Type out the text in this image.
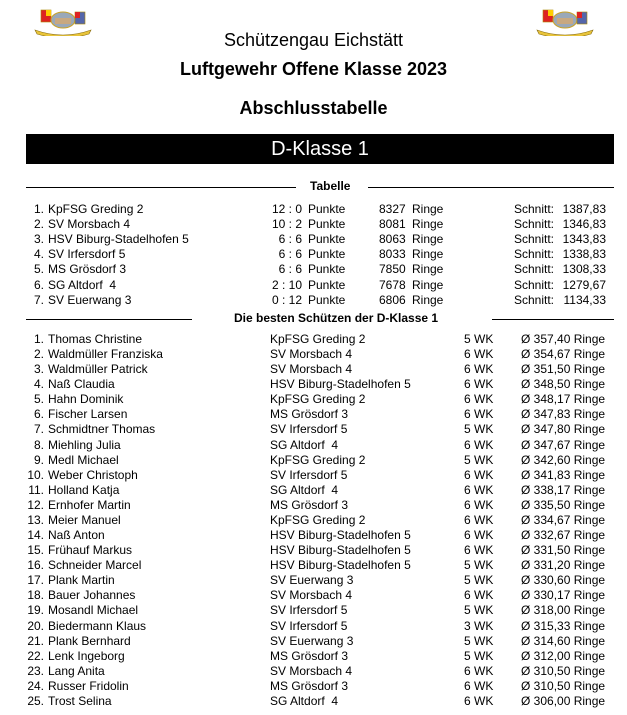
Schützengau Eichstätt
Luftgewehr Offene Klasse 2023
Abschlusstabelle
D-Klasse 1
Tabelle
1. KpFSG Greding 2	12 : 0 Punkte	8327 Ringe	Schnitt: 1387,83
2. SV Morsbach 4	10 : 2 Punkte	8081 Ringe	Schnitt: 1346,83
3. HSV Biburg-Stadelhofen 5	6 : 6 Punkte	8063 Ringe	Schnitt: 1343,83
4. SV Irfersdorf 5	6 : 6 Punkte	8033 Ringe	Schnitt: 1338,83
5. MS Grösdorf 3	6 : 6 Punkte	7850 Ringe	Schnitt: 1308,33
6. SG Altdorf  4	2 : 10 Punkte	7678 Ringe	Schnitt: 1279,67
7. SV Euerwang 3	0 : 12 Punkte	6806 Ringe	Schnitt: 1134,33
Die besten Schützen der D-Klasse 1
1. Thomas Christine	KpFSG Greding 2	5 WK Ø 357,40 Ringe
2. Waldmüller Franziska	SV Morsbach 4	6 WK Ø 354,67 Ringe
3. Waldmüller Patrick	SV Morsbach 4	6 WK Ø 351,50 Ringe
4. Naß Claudia	HSV Biburg-Stadelhofen 5	6 WK Ø 348,50 Ringe
5. Hahn Dominik	KpFSG Greding 2	6 WK Ø 348,17 Ringe
6. Fischer Larsen	MS Grösdorf 3	6 WK Ø 347,83 Ringe
7. Schmidtner Thomas	SV Irfersdorf 5	5 WK Ø 347,80 Ringe
8. Miehling Julia	SG Altdorf  4	6 WK Ø 347,67 Ringe
9. Medl Michael	KpFSG Greding 2	5 WK Ø 342,60 Ringe
10. Weber Christoph	SV Irfersdorf 5	6 WK Ø 341,83 Ringe
11. Holland Katja	SG Altdorf  4	6 WK Ø 338,17 Ringe
12. Ernhofer Martin	MS Grösdorf 3	6 WK Ø 335,50 Ringe
13. Meier Manuel	KpFSG Greding 2	6 WK Ø 334,67 Ringe
14. Naß Anton	HSV Biburg-Stadelhofen 5	6 WK Ø 332,67 Ringe
15. Frühauf Markus	HSV Biburg-Stadelhofen 5	6 WK Ø 331,50 Ringe
16. Schneider Marcel	HSV Biburg-Stadelhofen 5	5 WK Ø 331,20 Ringe
17. Plank Martin	SV Euerwang 3	5 WK Ø 330,60 Ringe
18. Bauer Johannes	SV Morsbach 4	6 WK Ø 330,17 Ringe
19. Mosandl Michael	SV Irfersdorf 5	5 WK Ø 318,00 Ringe
20. Biedermann Klaus	SV Irfersdorf 5	3 WK Ø 315,33 Ringe
21. Plank Bernhard	SV Euerwang 3	5 WK Ø 314,60 Ringe
22. Lenk Ingeborg	MS Grösdorf 3	5 WK Ø 312,00 Ringe
23. Lang Anita	SV Morsbach 4	6 WK Ø 310,50 Ringe
24. Russer Fridolin	MS Grösdorf 3	6 WK Ø 310,50 Ringe
25. Trost Selina	SG Altdorf  4	6 WK Ø 306,00 Ringe
